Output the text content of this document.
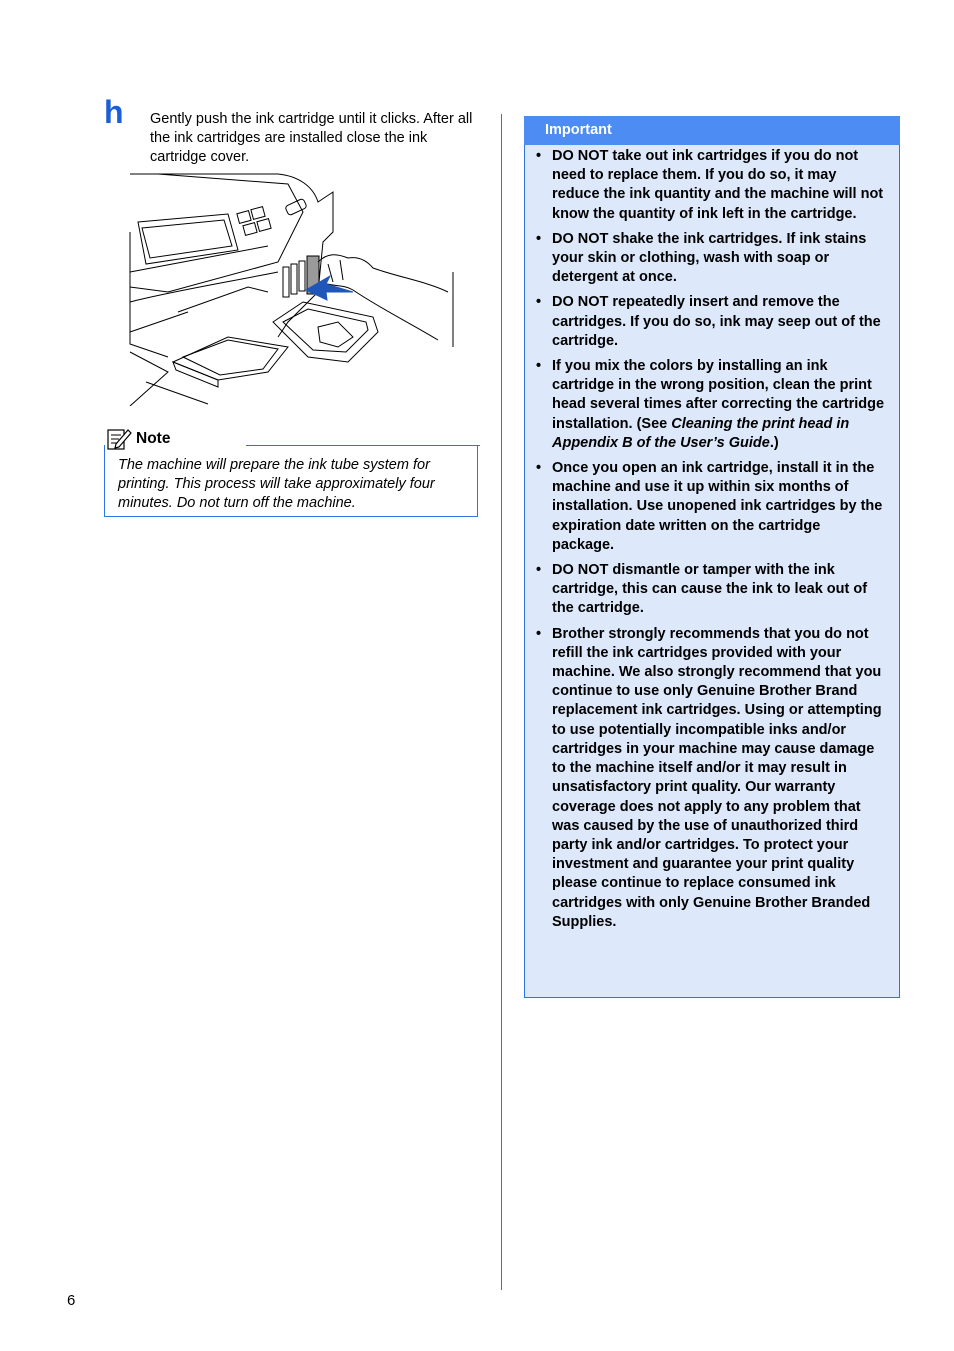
h Gently push the ink cartridge until it clicks. After all the ink cartridges are installed close the ink cartridge cover.
Note
The machine will prepare the ink tube system for printing. This process will take approximately four minutes. Do not turn off the machine.
Important
• DO NOT take out ink cartridges if you do not need to replace them. If you do so, it may reduce the ink quantity and the machine will not know the quantity of ink left in the cartridge.
• DO NOT shake the ink cartridges. If ink stains your skin or clothing, wash with soap or detergent at once.
• DO NOT repeatedly insert and remove the cartridges. If you do so, ink may seep out of the cartridge.
• If you mix the colors by installing an ink cartridge in the wrong position, clean the print head several times after correcting the cartridge installation. (See Cleaning the print head in Appendix B of the User’s Guide.)
• Once you open an ink cartridge, install it in the machine and use it up within six months of installation. Use unopened ink cartridges by the expiration date written on the cartridge package.
• DO NOT dismantle or tamper with the ink cartridge, this can cause the ink to leak out of the cartridge.
• Brother strongly recommends that you do not refill the ink cartridges provided with your machine. We also strongly recommend that you continue to use only Genuine Brother Brand replacement ink cartridges. Using or attempting to use potentially incompatible inks and/or cartridges in your machine may cause damage to the machine itself and/or it may result in unsatisfactory print quality. Our warranty coverage does not apply to any problem that was caused by the use of unauthorized third party ink and/or cartridges. To protect your investment and guarantee your print quality please continue to replace consumed ink cartridges with only Genuine Brother Branded Supplies.
6
